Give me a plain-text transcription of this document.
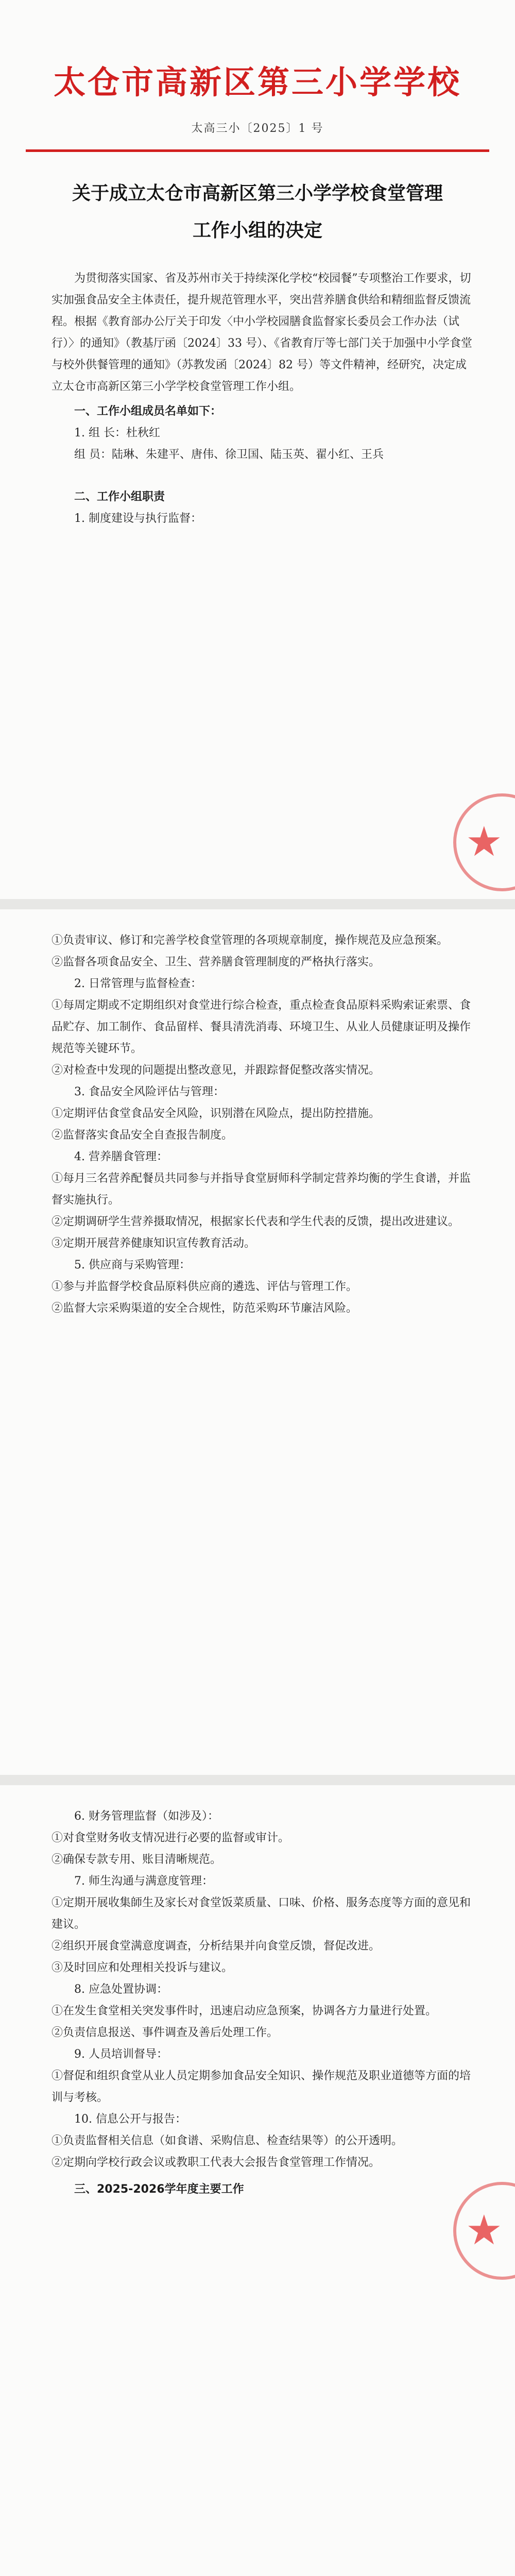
太仓市高新区第三小学学校
太高三小〔2025〕1 号
关于成立太仓市高新区第三小学学校食堂管理
工作小组的决定

为贯彻落实国家、省及苏州市关于持续深化学校“校园餐”专项整治工作要求，切实加强食品安全主体责任，提升规范管理水平，突出营养膳食供给和精细监督反馈流程。根据《教育部办公厅关于印发〈中小学校园膳食监督家长委员会工作办法（试行）〉的通知》（教基厅函〔2024〕33 号）、《省教育厅等七部门关于加强中小学食堂与校外供餐管理的通知》（苏教发函〔2024〕82 号）等文件精神，经研究，决定成立太仓市高新区第三小学学校食堂管理工作小组。

一、工作小组成员名单如下：

1. 组 长：杜秋红

组 员：陆琳、朱建平、唐伟、徐卫国、陆玉英、翟小红、王兵

二、工作小组职责

1. 制度建设与执行监督：

★

①负责审议、修订和完善学校食堂管理的各项规章制度，操作规范及应急预案。

②监督各项食品安全、卫生、营养膳食管理制度的严格执行落实。

2. 日常管理与监督检查：

①每周定期或不定期组织对食堂进行综合检查，重点检查食品原料采购索证索票、食品贮存、加工制作、食品留样、餐具清洗消毒、环境卫生、从业人员健康证明及操作规范等关键环节。

②对检查中发现的问题提出整改意见，并跟踪督促整改落实情况。

3. 食品安全风险评估与管理：

①定期评估食堂食品安全风险，识别潜在风险点，提出防控措施。

②监督落实食品安全自查报告制度。

4. 营养膳食管理：

①每月三名营养配餐员共同参与并指导食堂厨师科学制定营养均衡的学生食谱，并监督实施执行。

②定期调研学生营养摄取情况，根据家长代表和学生代表的反馈，提出改进建议。

③定期开展营养健康知识宣传教育活动。

5. 供应商与采购管理：

①参与并监督学校食品原料供应商的遴选、评估与管理工作。

②监督大宗采购渠道的安全合规性，防范采购环节廉洁风险。

6. 财务管理监督（如涉及）：

①对食堂财务收支情况进行必要的监督或审计。

②确保专款专用、账目清晰规范。

7. 师生沟通与满意度管理：

①定期开展收集師生及家长对食堂饭菜质量、口味、价格、服务态度等方面的意见和建议。

②组织开展食堂满意度调查，分析结果并向食堂反馈，督促改进。

③及时回应和处理相关投诉与建议。

8. 应急处置协调：

①在发生食堂相关突发事件时，迅速启动应急预案，协调各方力量进行处置。

②负责信息报送、事件调查及善后处理工作。

9. 人员培训督导：

①督促和组织食堂从业人员定期参加食品安全知识、操作规范及职业道德等方面的培训与考核。

10. 信息公开与报告：

①负责监督相关信息（如食谱、采购信息、检查结果等）的公开透明。

②定期向学校行政会议或教职工代表大会报告食堂管理工作情况。

三、2025-2026学年度主要工作

★
